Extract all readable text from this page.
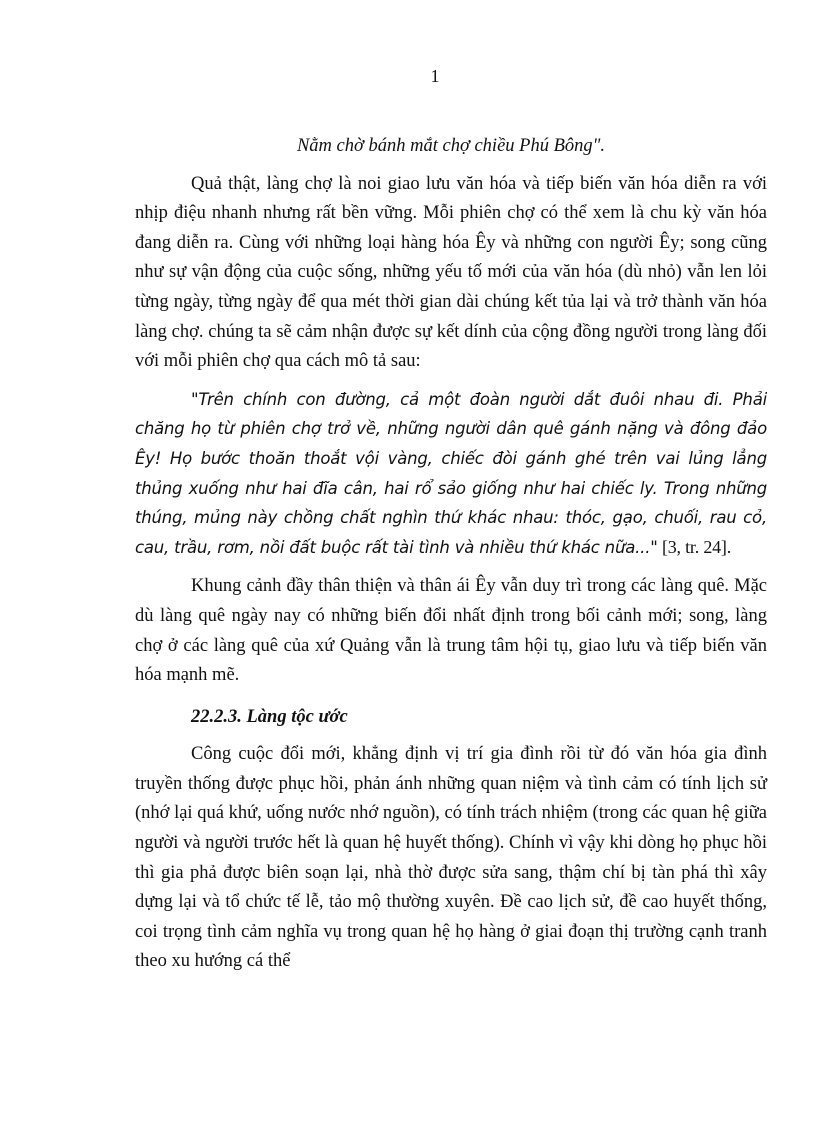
1

Nằm chờ bánh mắt chợ chiều Phú Bông".

Quả thật, làng chợ là noi giao lưu văn hóa và tiếp biến văn hóa diễn ra với nhịp điệu nhanh nhưng rất bền vững. Mỗi phiên chợ có thể xem là chu kỳ văn hóa đang diễn ra. Cùng với những loại hàng hóa Êy và những con người Êy; song cũng như sự vận động của cuộc sống, những yếu tố mới của văn hóa (dù nhỏ) vẫn len lỏi từng ngày, từng ngày để qua mét thời gian dài chúng kết tủa lại và trở thành văn hóa làng chợ. chúng ta sẽ cảm nhận được sự kết dính của cộng đồng người trong làng đối với mỗi phiên chợ qua cách mô tả sau:

"Trên chính con đường, cả một đoàn người dắt đuôi nhau đi. Phải chăng họ từ phiên chợ trở về, những người dân quê gánh nặng và đông đảo Êy! Họ bước thoăn thoắt vội vàng, chiếc đòi gánh ghé trên vai lủng lẳng thủng xuống như hai đĩa cân, hai rổ sảo giống như hai chiếc ly. Trong những thúng, mủng này chồng chất nghìn thứ khác nhau: thóc, gạo, chuối, rau cỏ, cau, trầu, rơm, nồi đất buộc rất tài tình và nhiều thứ khác nữa..." [3, tr. 24].

Khung cảnh đầy thân thiện và thân ái Êy vẫn duy trì trong các làng quê. Mặc dù làng quê ngày nay có những biến đổi nhất định trong bối cảnh mới; song, làng chợ ở các làng quê của xứ Quảng vẫn là trung tâm hội tụ, giao lưu và tiếp biến văn hóa mạnh mẽ.

22.2.3. Làng tộc ước

Công cuộc đổi mới, khẳng định vị trí gia đình rồi từ đó văn hóa gia đình truyền thống được phục hồi, phản ánh những quan niệm và tình cảm có tính lịch sử (nhớ lại quá khứ, uống nước nhớ nguồn), có tính trách nhiệm (trong các quan hệ giữa người và người trước hết là quan hệ huyết thống). Chính vì vậy khi dòng họ phục hồi thì gia phả được biên soạn lại, nhà thờ được sửa sang, thậm chí bị tàn phá thì xây dựng lại và tổ chức tế lễ, tảo mộ thường xuyên. Đề cao lịch sử, đề cao huyết thống, coi trọng tình cảm nghĩa vụ trong quan hệ họ hàng ở giai đoạn thị trường cạnh tranh theo xu hướng cá thể
